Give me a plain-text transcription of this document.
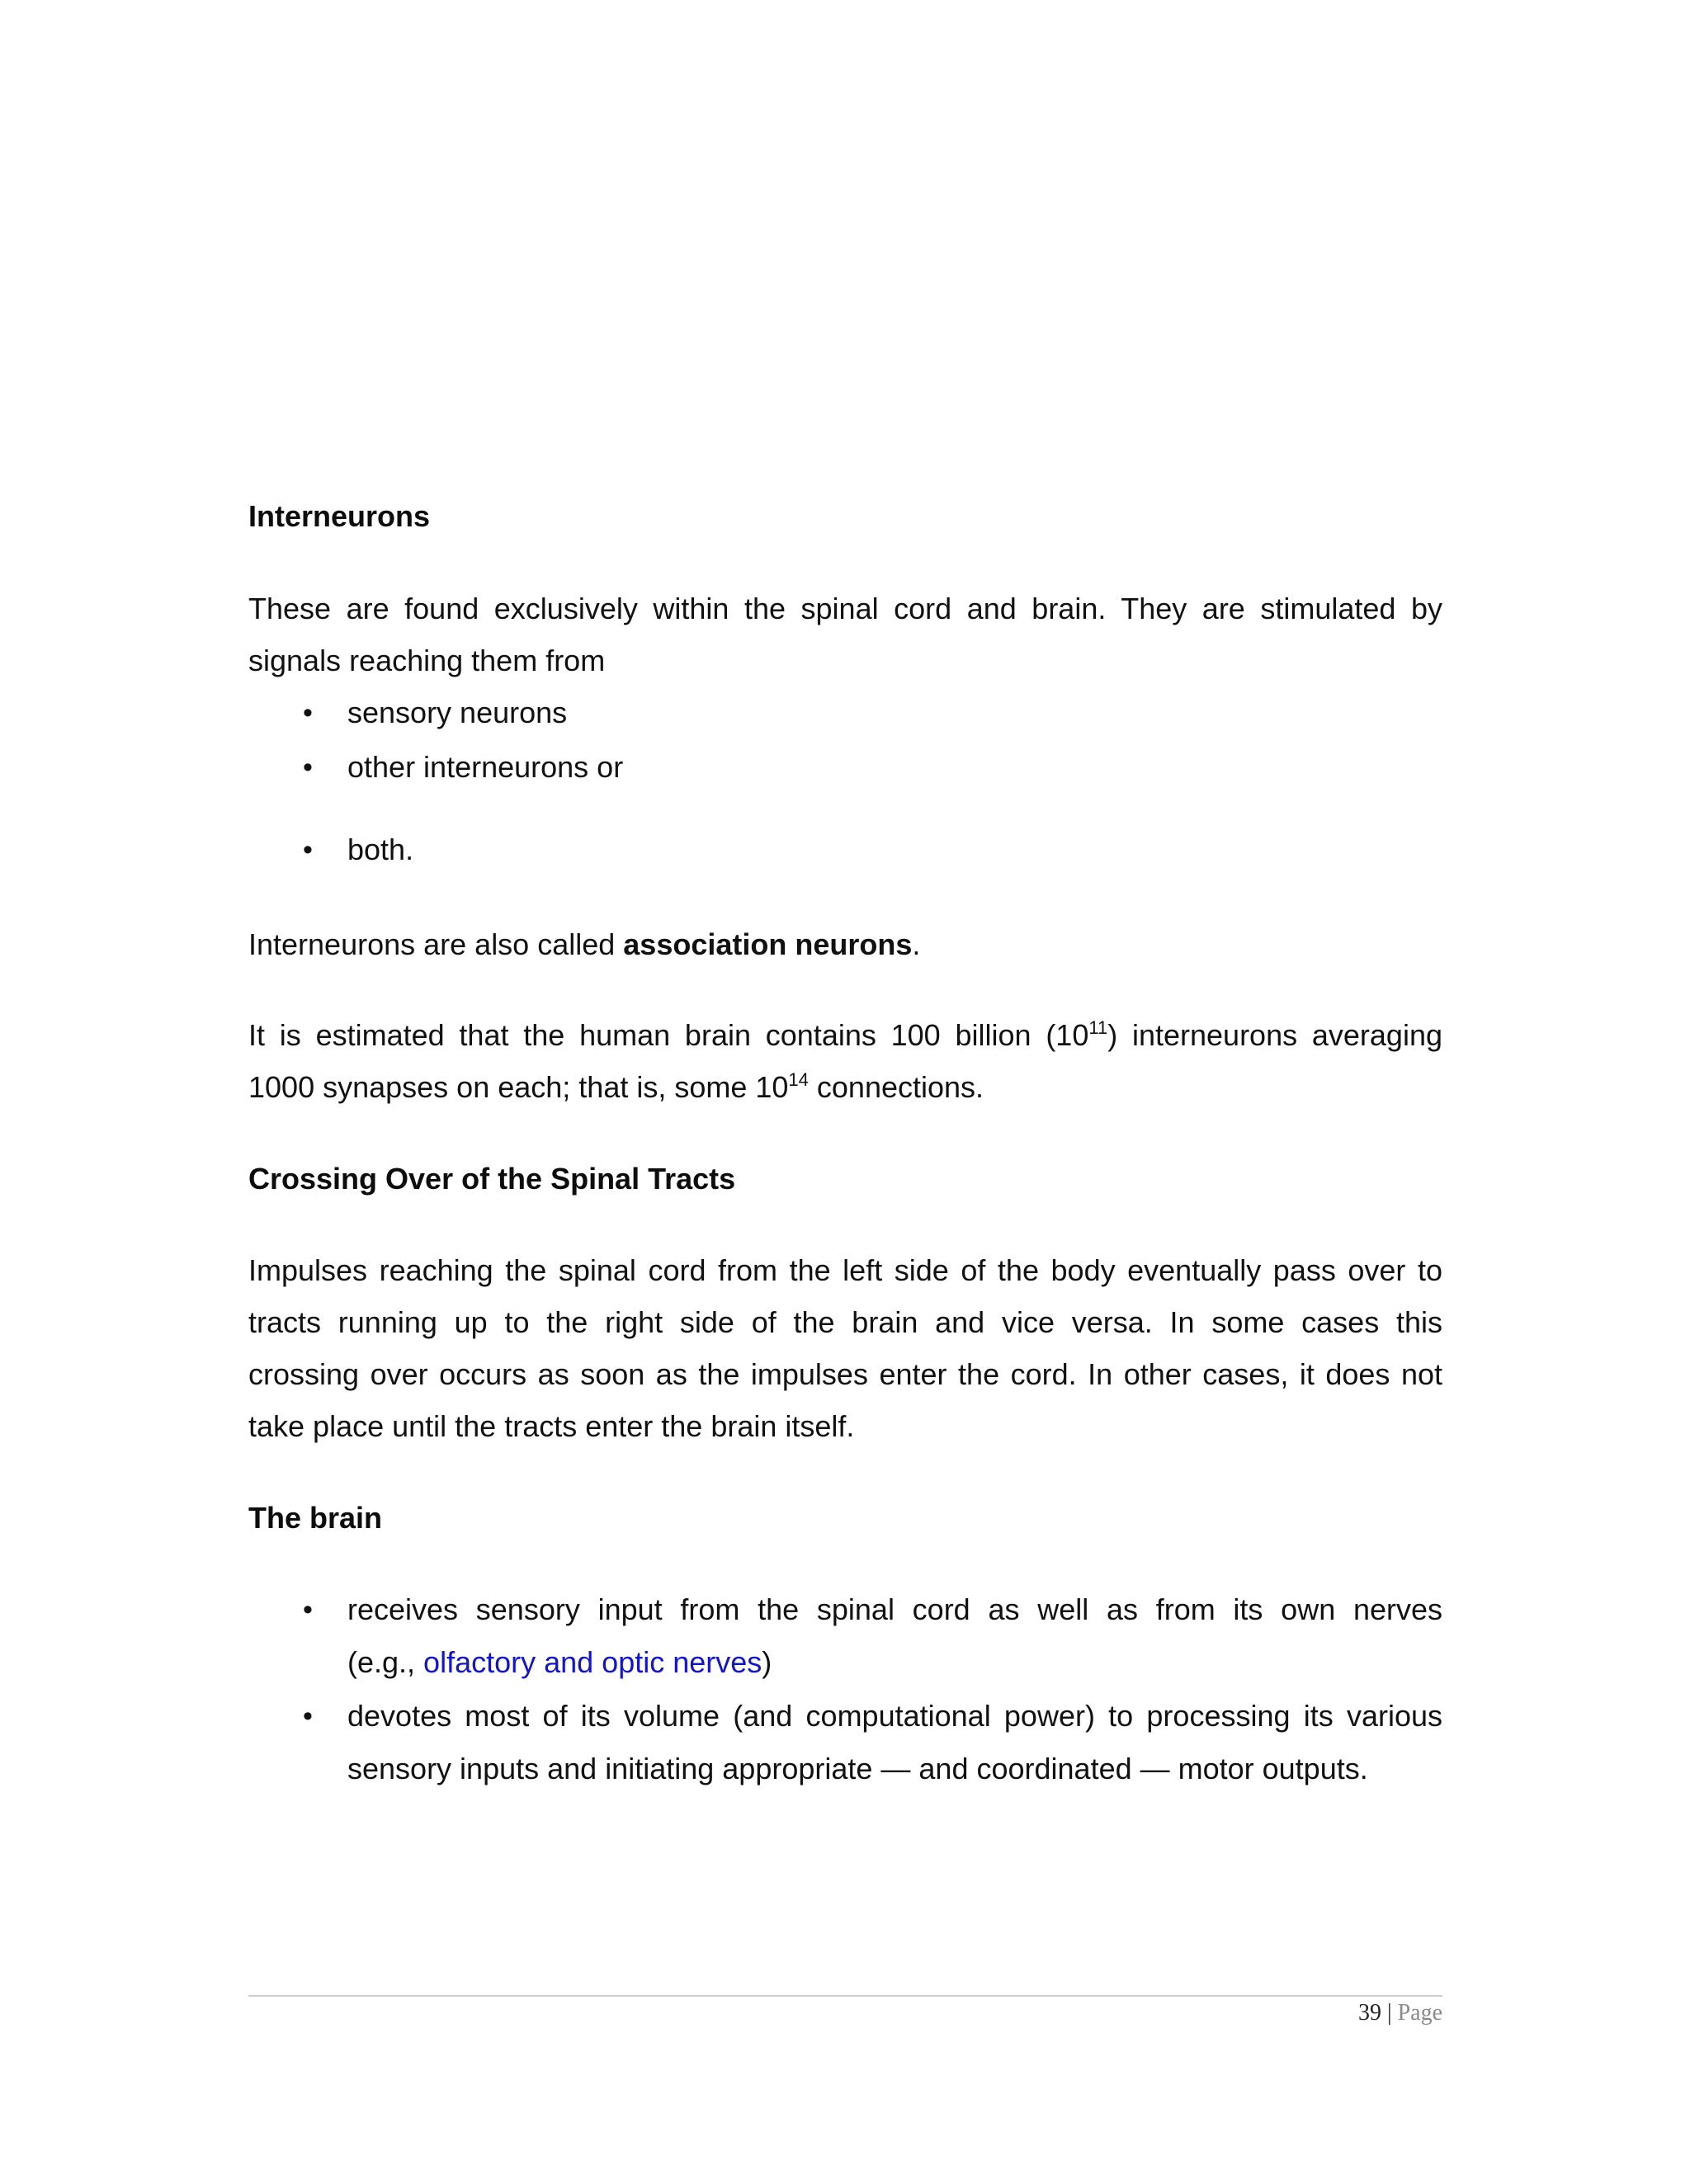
Interneurons
These are found exclusively within the spinal cord and brain. They are stimulated by
signals reaching them from
• sensory neurons
• other interneurons or
• both.
Interneurons are also called association neurons.
It is estimated that the human brain contains 100 billion $(10^{11})$ interneurons averaging
1000 synapses on each; that is, some $10^{14}$ connections.
Crossing Over of the Spinal Tracts
Impulses reaching the spinal cord from the left side of the body eventually pass over to
tracts running up to the right side of the brain and vice versa. In some cases this
crossing over occurs as soon as the impulses enter the cord. In other cases, it does not
take place until the tracts enter the brain itself.
The brain
• receives sensory input from the spinal cord as well as from its own nerves
(e.g., olfactory and optic nerves)
• devotes most of its volume (and computational power) to processing its various
sensory inputs and initiating appropriate — and coordinated — motor outputs.
39 | Page
